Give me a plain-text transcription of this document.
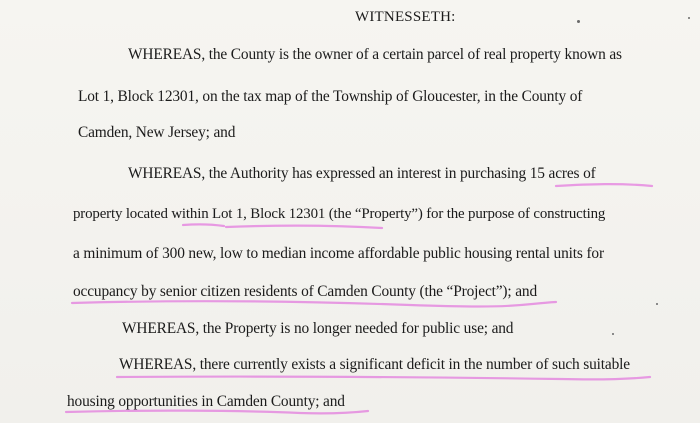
WITNESSETH:
WHEREAS, the County is the owner of a certain parcel of real property known as
Lot 1, Block 12301, on the tax map of the Township of Gloucester, in the County of
Camden, New Jersey; and
WHEREAS, the Authority has expressed an interest in purchasing 15 acres of
property located within Lot 1, Block 12301 (the “Property”) for the purpose of constructing
a minimum of 300 new, low to median income affordable public housing rental units for
occupancy by senior citizen residents of Camden County (the “Project”); and
WHEREAS, the Property is no longer needed for public use; and
WHEREAS, there currently exists a significant deficit in the number of such suitable
housing opportunities in Camden County; and
